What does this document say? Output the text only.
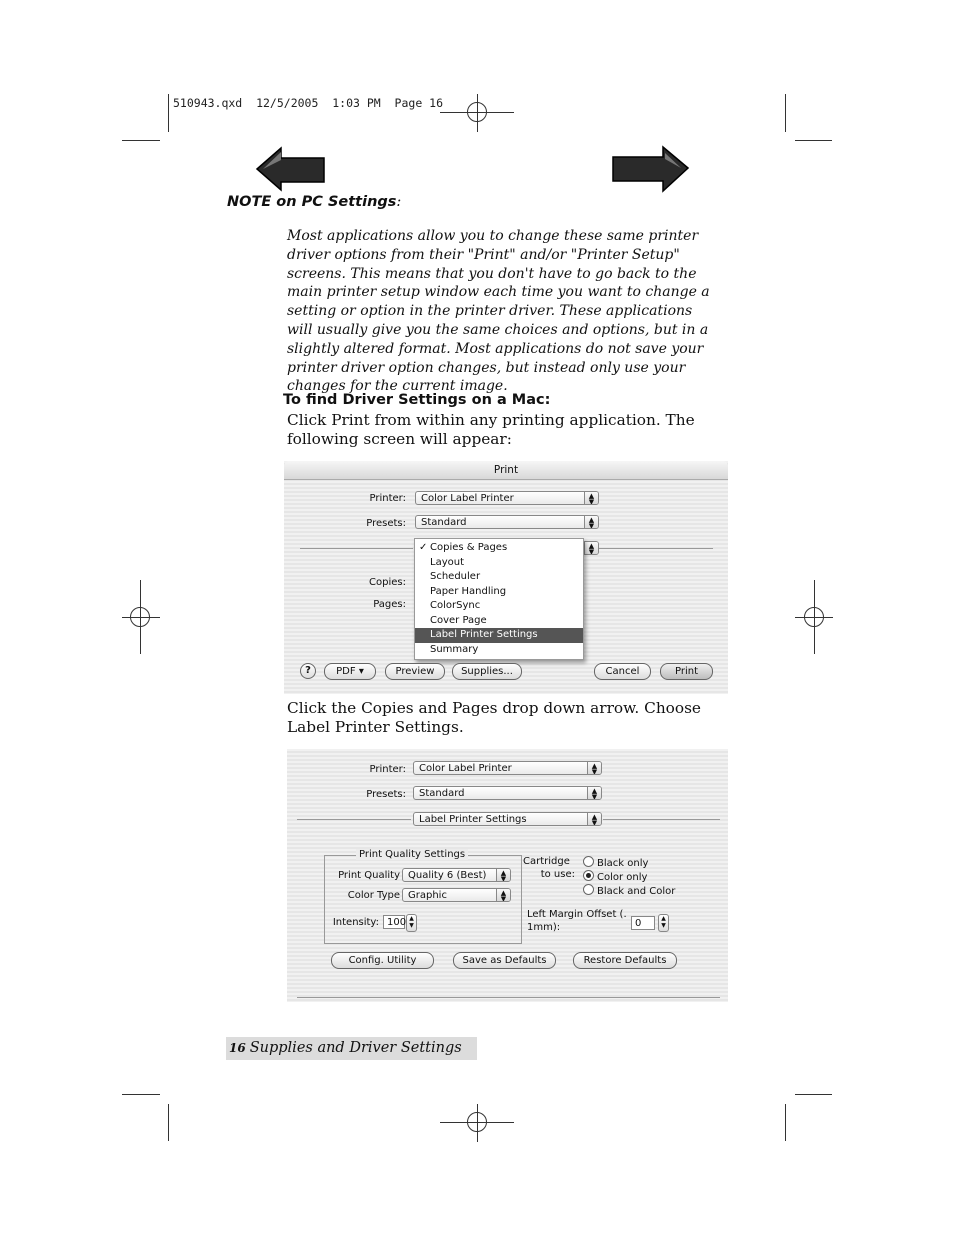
510943.qxd  12/5/2005  1:03 PM  Page 16
NOTE on PC Settings:
Most applications allow you to change these same printer driver options from their "Print" and/or "Printer Setup" screens. This means that you don't have to go back to the main printer setup window each time you want to change a setting or option in the printer driver. These applications will usually give you the same choices and options, but in a slightly altered format. Most applications do not save your printer driver option changes, but instead only use your changes for the current image.
To find Driver Settings on a Mac:
Click Print from within any printing application. The following screen will appear:
Print
Printer:	Color Label Printer	▲
▼
Presets:	Standard	▲
▼
▲
▼
Copies:
Pages:
✓ Copies & Pages
Layout
Scheduler
Paper Handling
ColorSync
Cover Page
Label Printer Settings
Summary
?	PDF ▾	Preview	Supplies...	Cancel	Print
Click the Copies and Pages drop down arrow. Choose Label Printer Settings.
Printer:	Color Label Printer	▲
▼
Presets:	Standard	▲
▼
Label Printer Settings	▲
▼
Print Quality Settings
Print Quality Quality 6 (Best)	▲
▼
Color Type Graphic	▲
▼
Intensity: 100 ▲
▼
Cartridge
to use:
Black only
Color only
Black and Color
Left Margin Offset (.
1mm):	0	▲
▼
Config. Utility	Save as Defaults	Restore Defaults
16 Supplies and Driver Settings
